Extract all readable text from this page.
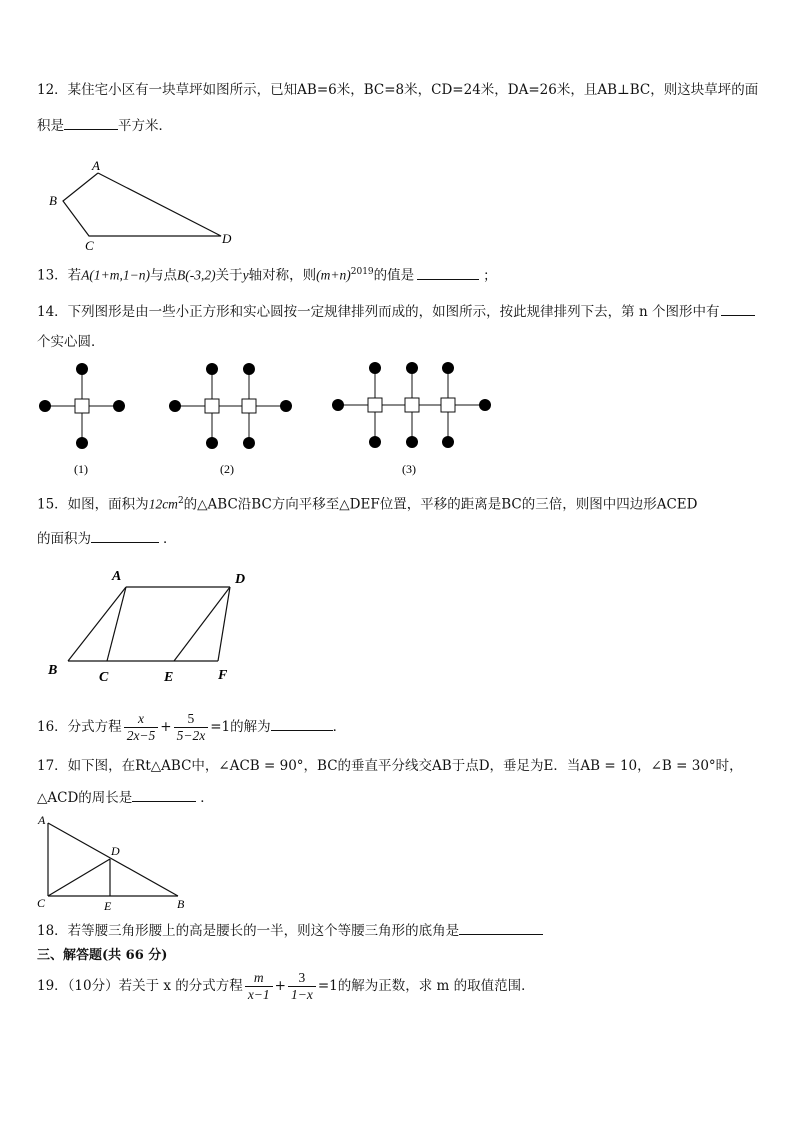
12．某住宅小区有一块草坪如图所示，已知AB=6米，BC=8米，CD=24米，DA=26米，且AB⊥BC，则这块草坪的面
积是	平方米．
A
B
C	D
13．若A(1+m,1−n)与点B(-3,2)关于y轴对称，则$(m+n)^{2019}$的值是	；
14．下列图形是由一些小正方形和实心圆按一定规律排列而成的，如图所示，按此规律排列下去，第 n 个图形中有
个实心圆．
(1)	(2)	(3)
15．如图，面积为$12cm^2$的△ABC沿BC方向平移至△DEF位置，平移的距离是BC的三倍，则图中四边形ACED
的面积为	．
A	D
B	C	E	F
16．分式方程 $\frac{x}{2x-5} + \frac{5}{5-2x} =1$的解为	．
17．如下图，在Rt△ABC中，∠ACB = 90°，BC的垂直平分线交AB于点D，垂足为E．当AB = 10，∠B = 30°时，
△ACD的周长是	．
A
D
C	E	B
18．若等腰三角形腰上的高是腰长的一半，则这个等腰三角形的底角是
三、解答题(共 66 分)
19．（10分）若关于 x 的分式方程 $\frac{m}{x-1} + \frac{3}{1-x} =1$的解为正数，求 m 的取值范围．
